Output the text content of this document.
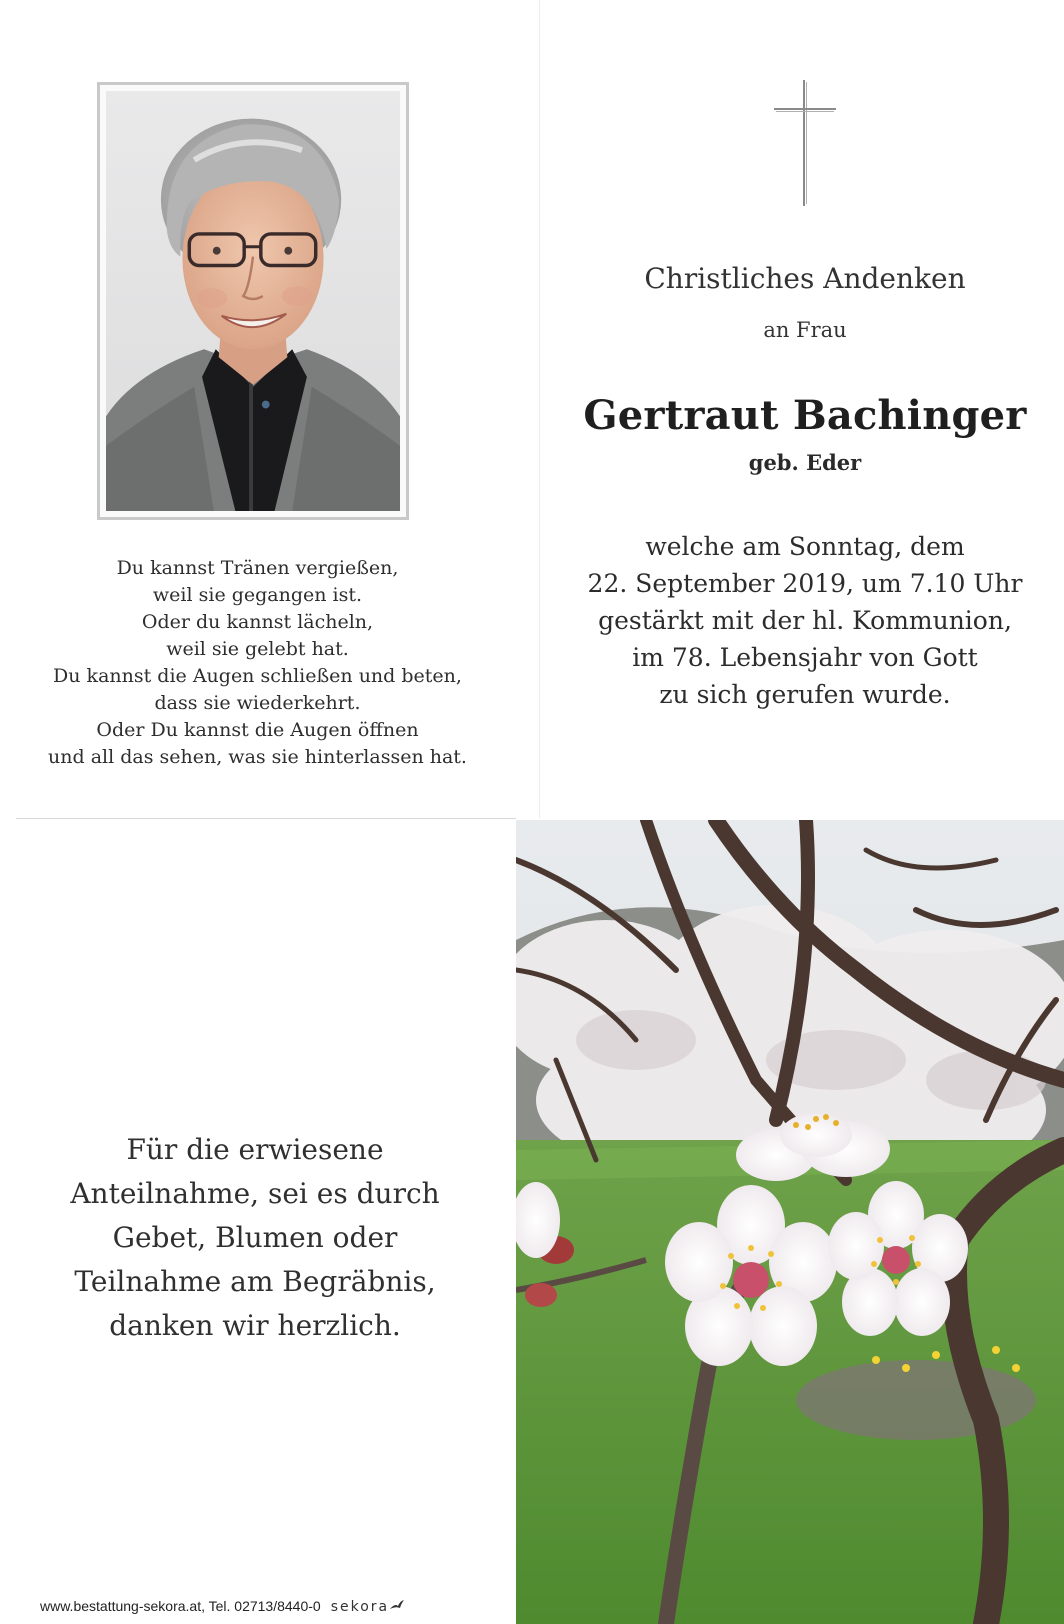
Du kannst Tränen vergießen,
weil sie gegangen ist.
Oder du kannst lächeln,
weil sie gelebt hat.
Du kannst die Augen schließen und beten,
dass sie wiederkehrt.
Oder Du kannst die Augen öffnen
und all das sehen, was sie hinterlassen hat.
Christliches Andenken
an Frau
Gertraut Bachinger
geb. Eder
welche am Sonntag, dem
22. September 2019, um 7.10 Uhr
gestärkt mit der hl. Kommunion,
im 78. Lebensjahr von Gott
zu sich gerufen wurde.
Für die erwiesene
Anteilnahme, sei es durch
Gebet, Blumen oder
Teilnahme am Begräbnis,
danken wir herzlich.
www.bestattung-sekora.at, Tel. 02713/8440-0 sekora
